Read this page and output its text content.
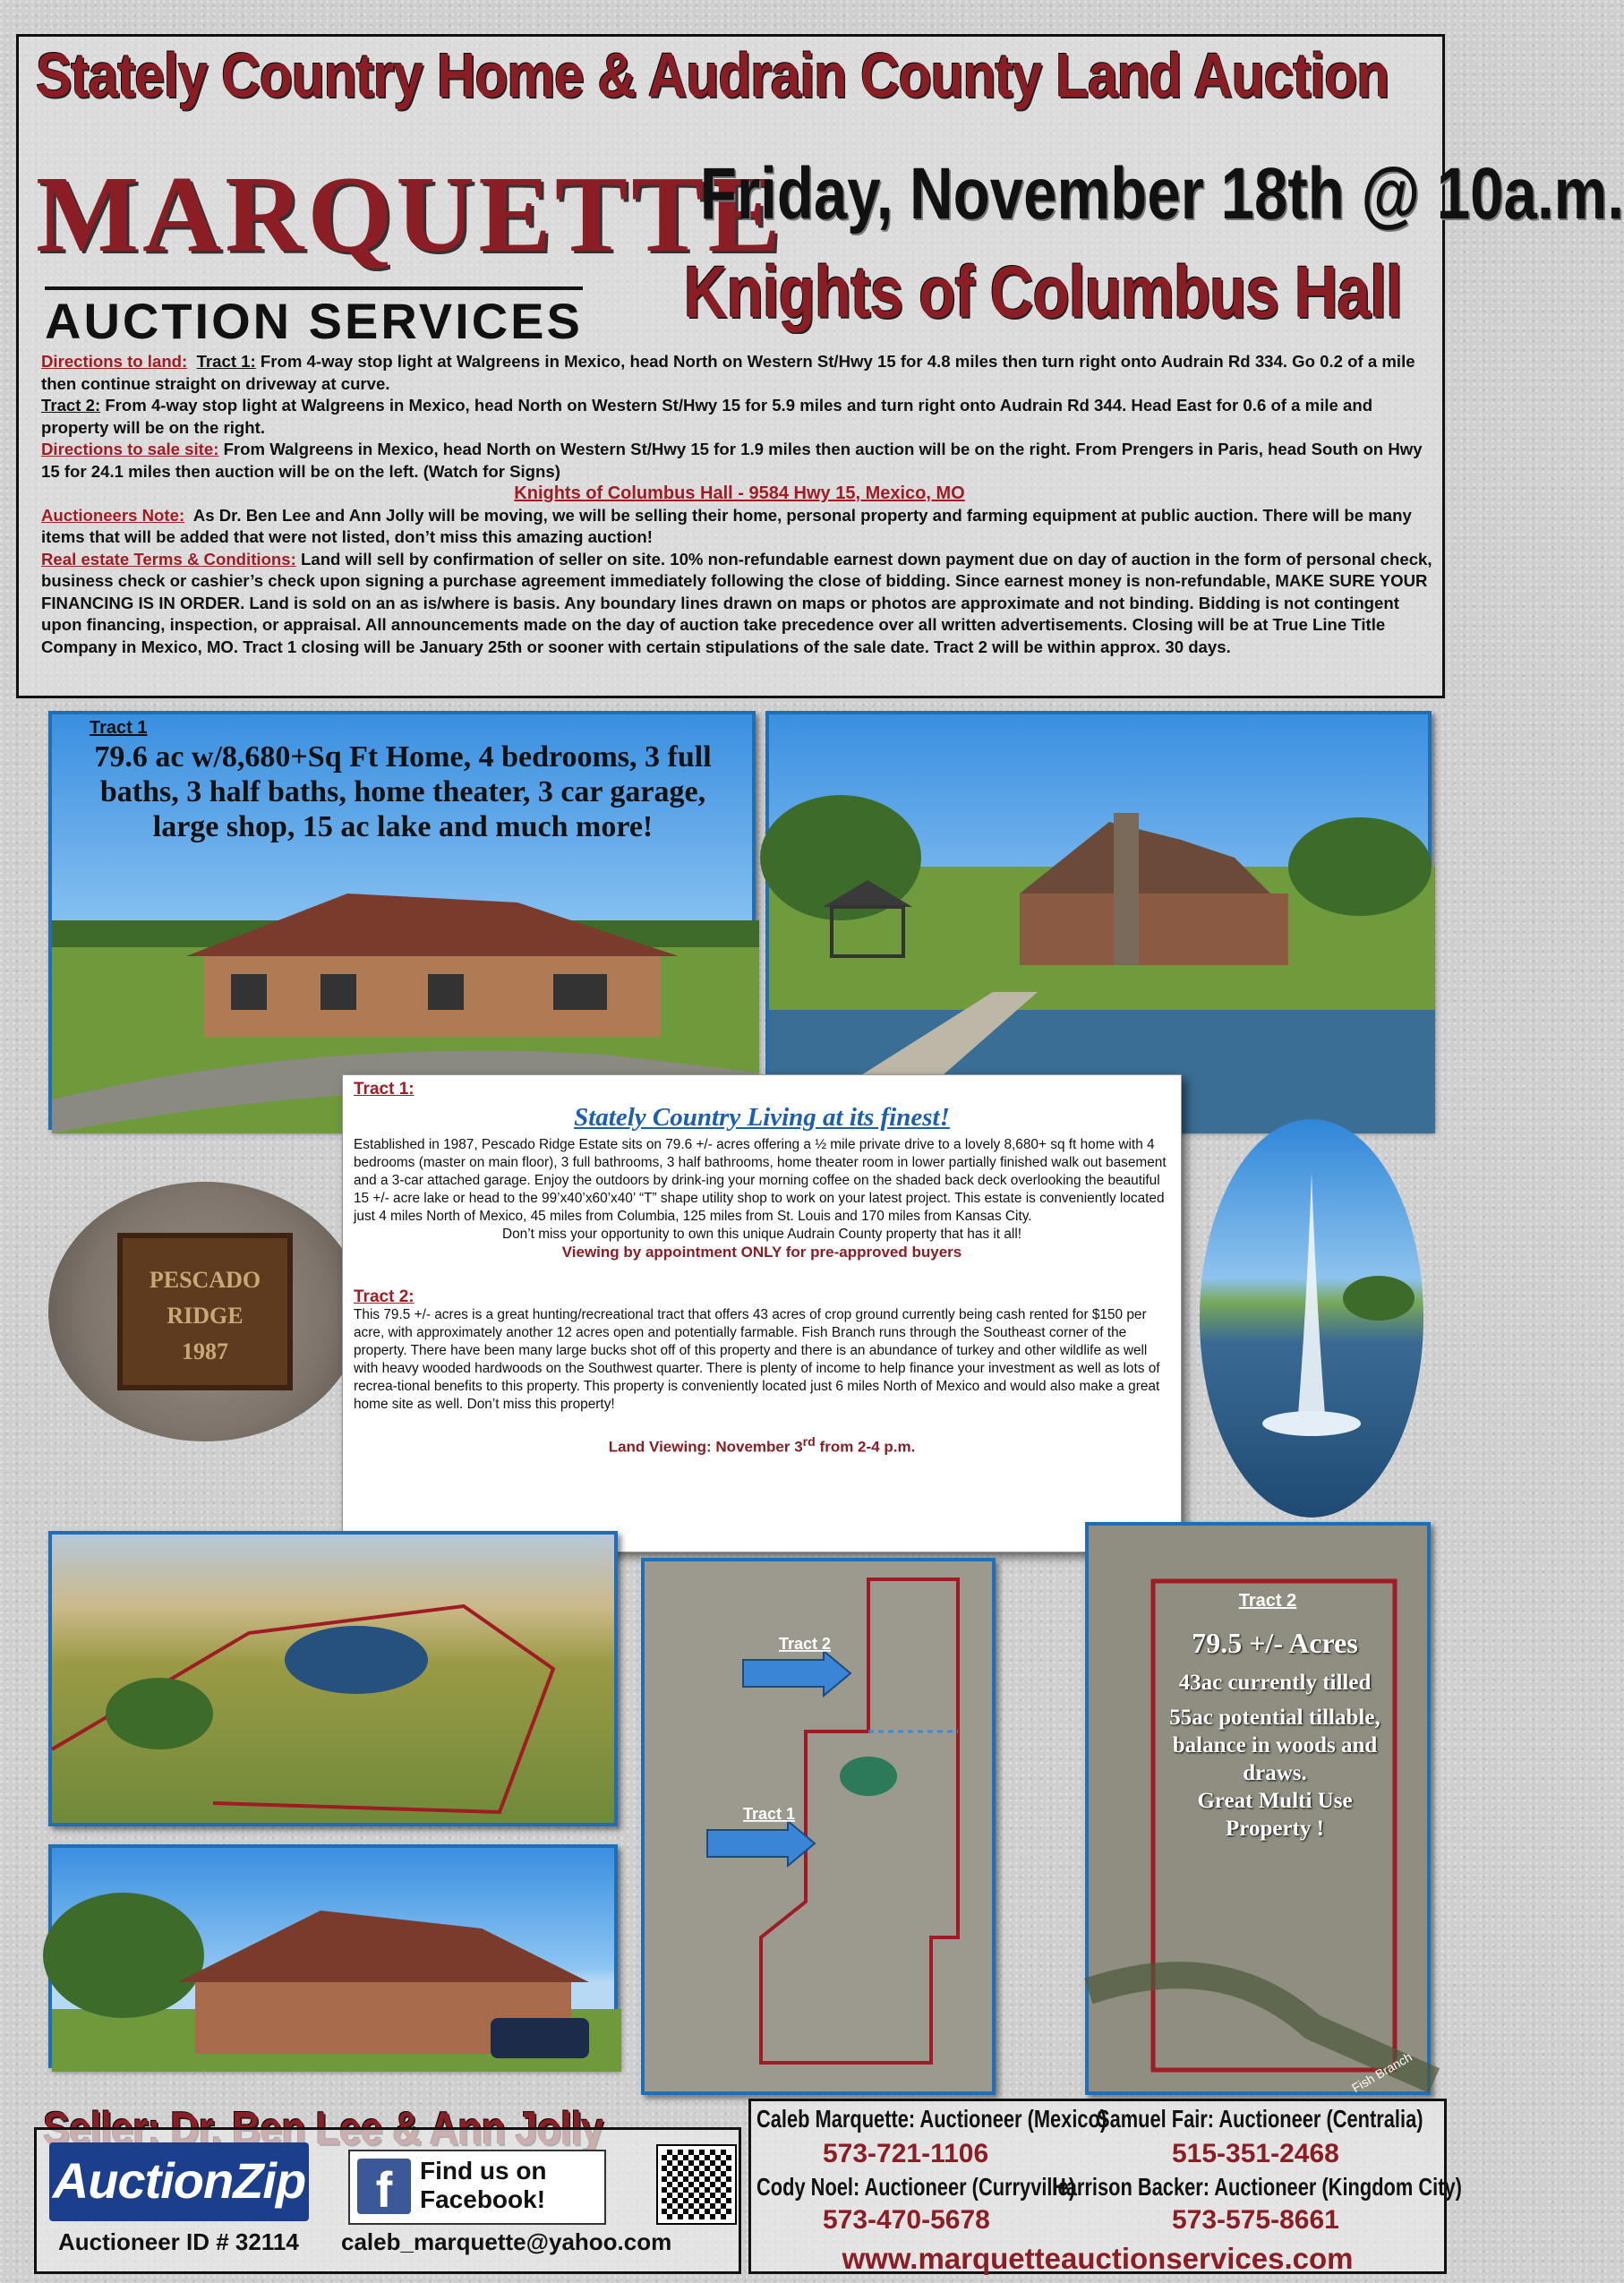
Stately Country Home & Audrain County Land Auction
MARQUETTE
AUCTION SERVICES
Friday, November 18th @ 10a.m.
Knights of Columbus Hall

Directions to land: Tract 1: From 4-way stop light at Walgreens in Mexico, head North on Western St/Hwy 15 for 4.8 miles then turn right onto Audrain Rd 334. Go 0.2 of a mile then continue straight on driveway at curve.

Tract 2: From 4-way stop light at Walgreens in Mexico, head North on Western St/Hwy 15 for 5.9 miles and turn right onto Audrain Rd 344. Head East for 0.6 of a mile and property will be on the right.

Directions to sale site: From Walgreens in Mexico, head North on Western St/Hwy 15 for 1.9 miles then auction will be on the right. From Prengers in Paris, head South on Hwy 15 for 24.1 miles then auction will be on the left. (Watch for Signs)

Knights of Columbus Hall - 9584 Hwy 15, Mexico, MO

Auctioneers Note: As Dr. Ben Lee and Ann Jolly will be moving, we will be selling their home, personal property and farming equipment at public auction. There will be many items that will be added that were not listed, don’t miss this amazing auction!

Real estate Terms & Conditions: Land will sell by confirmation of seller on site. 10% non-refundable earnest down payment due on day of auction in the form of personal check, business check or cashier’s check upon signing a purchase agreement immediately following the close of bidding. Since earnest money is non-refundable, MAKE SURE YOUR FINANCING IS IN ORDER. Land is sold on an as is/where is basis. Any boundary lines drawn on maps or photos are approximate and not binding. Bidding is not contingent upon financing, inspection, or appraisal. All announcements made on the day of auction take precedence over all written advertisements. Closing will be at True Line Title Company in Mexico, MO. Tract 1 closing will be January 25th or sooner with certain stipulations of the sale date. Tract 2 will be within approx. 30 days.

Tract 1
79.6 ac w/8,680+Sq Ft Home, 4 bedrooms, 3 full baths, 3 half baths, home theater, 3 car garage, large shop, 15 ac lake and much more!
PESCADO
RIDGE
1987
Tract 1:
Stately Country Living at its finest!

Established in 1987, Pescado Ridge Estate sits on 79.6 +/- acres offering a ½ mile private drive to a lovely 8,680+ sq ft home with 4 bedrooms (master on main floor), 3 full bathrooms, 3 half bathrooms, home theater room in lower partially finished walk out basement and a 3-car attached garage. Enjoy the outdoors by drink-ing your morning coffee on the shaded back deck overlooking the beautiful 15 +/- acre lake or head to the 99’x40’x60’x40’ “T” shape utility shop to work on your latest project. This estate is conveniently located just 4 miles North of Mexico, 45 miles from Columbia, 125 miles from St. Louis and 170 miles from Kansas City.

Don’t miss your opportunity to own this unique Audrain County property that has it all!

Viewing by appointment ONLY for pre-approved buyers
Tract 2:

This 79.5 +/- acres is a great hunting/recreational tract that offers 43 acres of crop ground currently being cash rented for $150 per acre, with approximately another 12 acres open and potentially farmable. Fish Branch runs through the Southeast corner of the property. There have been many large bucks shot off of this property and there is an abundance of turkey and other wildlife as well with heavy wooded hardwoods on the Southwest quarter. There is plenty of income to help finance your investment as well as lots of recrea-tional benefits to this property. This property is conveniently located just 6 miles North of Mexico and would also make a great home site as well. Don’t miss this property!

Land Viewing: November 3rd from 2-4 p.m.
Tract 2
Tract 1
Tract 2
Fish Branch
79.5 +/- Acres
43ac currently tilled
55ac potential tillable, balance in woods and draws.
Great Multi Use Property !
AuctionZip	f	Find us on Facebook!
Auctioneer ID # 32114 caleb_marquette@yahoo.com
Caleb Marquette: Auctioneer (Mexico)
Samuel Fair: Auctioneer (Centralia)
573-721-1106	515-351-2468
Cody Noel: Auctioneer (Curryville)
Harrison Backer: Auctioneer (Kingdom City)
573-470-5678	573-575-8661
www.marquetteauctionservices.com
